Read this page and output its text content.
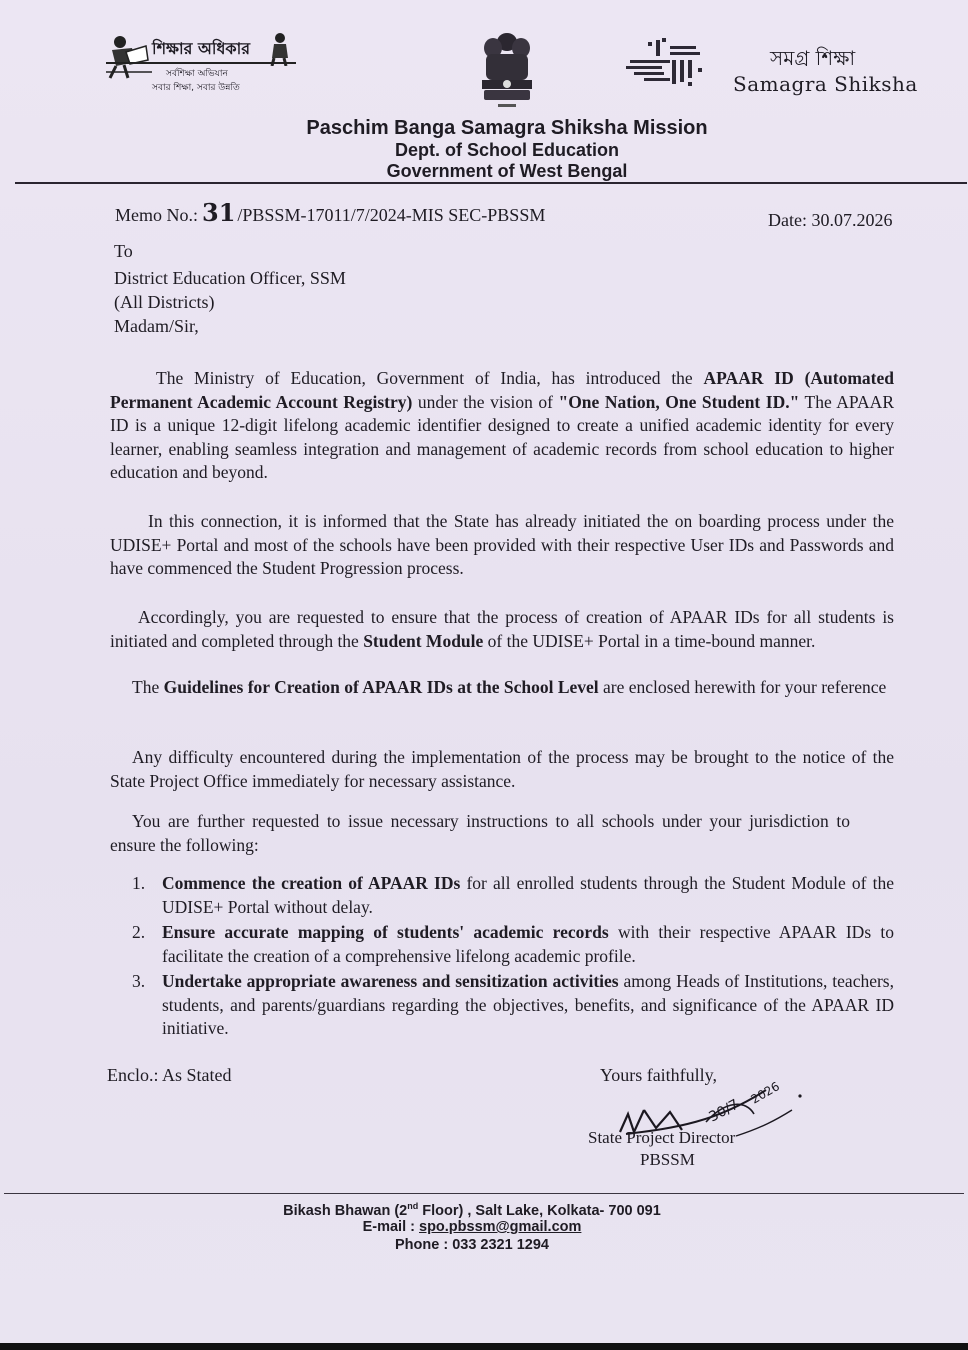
শিক্ষার অধিকার
সর্বশিক্ষা অভিযান
সবার শিক্ষা, সবার উন্নতি
সমগ্র শিক্ষা
Samagra Shiksha
Paschim Banga Samagra Shiksha Mission
Dept. of School Education
Government of West Bengal
Memo No.: 31 /PBSSM-17011/7/2024-MIS SEC-PBSSM	Date: 30.07.2026
To
District Education Officer, SSM
(All Districts)
Madam/Sir,
The Ministry of Education, Government of India, has introduced the APAAR ID (Automated Permanent Academic Account Registry) under the vision of "One Nation, One Student ID." The APAAR ID is a unique 12-digit lifelong academic identifier designed to create a unified academic identity for every learner, enabling seamless integration and management of academic records from school education to higher education and beyond.
In this connection, it is informed that the State has already initiated the on boarding process under the UDISE+ Portal and most of the schools have been provided with their respective User IDs and Passwords and have commenced the Student Progression process.
Accordingly, you are requested to ensure that the process of creation of APAAR IDs for all students is initiated and completed through the Student Module of the UDISE+ Portal in a time-bound manner.
The Guidelines for Creation of APAAR IDs at the School Level are enclosed herewith for your reference
Any difficulty encountered during the implementation of the process may be brought to the notice of the State Project Office immediately for necessary assistance.
You are further requested to issue necessary instructions to all schools under your jurisdiction to ensure the following:
1. Commence the creation of APAAR IDs for all enrolled students through the Student Module of the UDISE+ Portal without delay.
2. Ensure accurate mapping of students' academic records with their respective APAAR IDs to facilitate the creation of a comprehensive lifelong academic profile.
3. Undertake appropriate awareness and sensitization activities among Heads of Institutions, teachers, students, and parents/guardians regarding the objectives, benefits, and significance of the APAAR ID initiative.
Enclo.: As Stated	Yours faithfully,
30/7
2026
State Project Director
PBSSM
Bikash Bhawan (2nd Floor) , Salt Lake, Kolkata- 700 091
E-mail : spo.pbssm@gmail.com
Phone : 033 2321 1294
